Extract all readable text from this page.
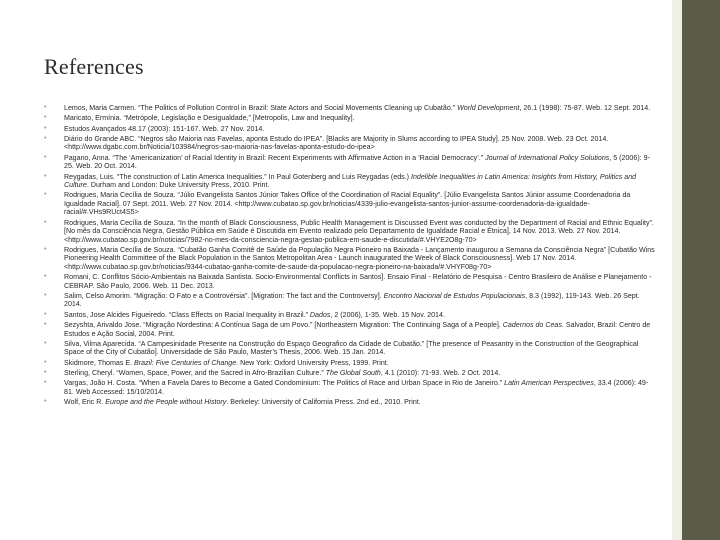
References
• Lemos, Maria Carmen. “The Politics of Pollution Control in Brazil: State Actors and Social Movements Cleaning up Cubatão.” World Development, 26.1 (1998): 75-87. Web. 12 Sept. 2014.
• Maricato, Ermínia. “Metrópole, Legislação e Desigualdade,” [Metropolis, Law and Inequality].
• Estudos Avançados 48.17 (2003): 151-167. Web. 27 Nov. 2014.
• Diário do Grande ABC. “Negros são Maioria nas Favelas, aponta Estudo do IPEA”. [Blacks are Majority in Slums according to IPEA Study]. 25 Nov. 2008. Web. 23 Oct. 2014. <http://www.dgabc.com.br/Noticia/103984/negros-sao-maioria-nas-favelas-aponta-estudo-do-ipea>
• Pagano, Anna. “The ‘Americanization’ of Racial Identity in Brazil: Recent Experiments with Affirmative Action in a ‘Racial Democracy’.” Journal of International Policy Solutions, 5 (2006): 9-25. Web. 20 Oct. 2014.
• Reygadas, Luis. “The construction of Latin America Inequalities.” In Paul Gotenberg and Luis Reygadas (eds.) Indelible Inequalities in Latin America: Insights from History, Politics and Culture. Durham and London: Duke University Press, 2010. Print.
• Rodrigues, Maria Cecília de Souza. “Júlio Evangelista Santos Júnior Takes Office of the Coordination of Racial Equality”. [Júlio Evangelista Santos Júnior assume Coordenadoria da Igualdade Racial]. 07 Sept. 2011. Web. 27 Nov. 2014. <http://www.cubatao.sp.gov.br/noticias/4339-julio-evangelista-santos-junior-assume-coordenadoria-da-igualdade-racial/#.VHs9RUct4S5>
• Rodrigues, Maria Cecília de Souza. “In the month of Black Consciousness, Public Health Management is Discussed Event was conducted by the Department of Racial and Ethnic Equality”. [No mês da Consciência Negra, Gestão Pública em Saúde é Discutida em Evento realizado pelo Departamento de Igualdade Racial e Étnica], 14 Nov. 2013. Web. 27 Nov. 2014. <http://www.cubatao.sp.gov.br/noticias/7982-no-mes-da-consciencia-negra-gestao-publica-em-saude-e-discutida/#.VHYE2O8g-70>
• Rodrigues, Maria Cecília de Souza. “Cubatão Ganha Comitê de Saúde da População Negra Pioneiro na Baixada - Lançamento inaugurou a Semana da Consciência Negra” [Cubatão Wins Pioneering Health Committee of the Black Population in the Santos Metropolitan Area - Launch inaugurated the Week of Black Consciousness]. Web 17 Nov. 2014. <http://www.cubatao.sp.gov.br/noticias/9344-cubatao-ganha-comite-de-saude-da-populacao-negra-pioneiro-na-baixada/#.VHYF08g-70>
• Romani, C. Conflitos Sócio-Ambientais na Baixada Santista. Socio-Environmental Conflicts in Santos]. Ensaio Final - Relatório de Pesquisa - Centro Brasileiro de Análise e Planejamento - CEBRAP. São Paulo, 2006. Web. 11 Dec. 2013.
• Salim, Celso Amorim. “Migração: O Fato e a Controvérsia”. [Migration: The fact and the Controversy]. Encontro Nacional de Estudos Populacionais, 8.3 (1992), 119-143. Web. 26 Sept. 2014.
• Santos, Jose Alcides Figueiredo. “Class Effects on Racial Inequality in Brazil.” Dados, 2 (2006), 1-35. Web. 15 Nov. 2014.
• Sezyshta, Arivaldo Jose. “Migração Nordestina: A Contínua Saga de um Povo.” [Northeastern Migration: The Continuing Saga of a People]. Cadernos do Ceas. Salvador, Brazil: Centro de Estudos e Ação Social, 2004. Print.
• Silva, Vilma Aparecida. “A Campesinidade Presente na Construção do Espaço Geografico da Cidade de Cubatão.” [The presence of Peasantry in the Construction of the Geographical Space of the City of Cubatão]. Universidade de São Paulo, Master’s Thesis, 2006. Web. 15 Jan. 2014.
• Skidmore, Thomas E. Brazil: Five Centuries of Change. New York: Oxford University Press, 1999. Print.
• Sterling, Cheryl. “Women, Space, Power, and the Sacred in Afro-Brazilian Culture.” The Global South, 4.1 (2010): 71-93. Web. 2 Oct. 2014.
• Vargas, João H. Costa. “When a Favela Dares to Become a Gated Condominium: The Politics of Race and Urban Space in Rio de Janeiro.” Latin American Perspectives, 33.4 (2006): 49-81. Web Accessed: 15/10/2014.
• Wolf, Eric R. Europe and the People without History. Berkeley: University of California Press. 2nd ed., 2010. Print.
